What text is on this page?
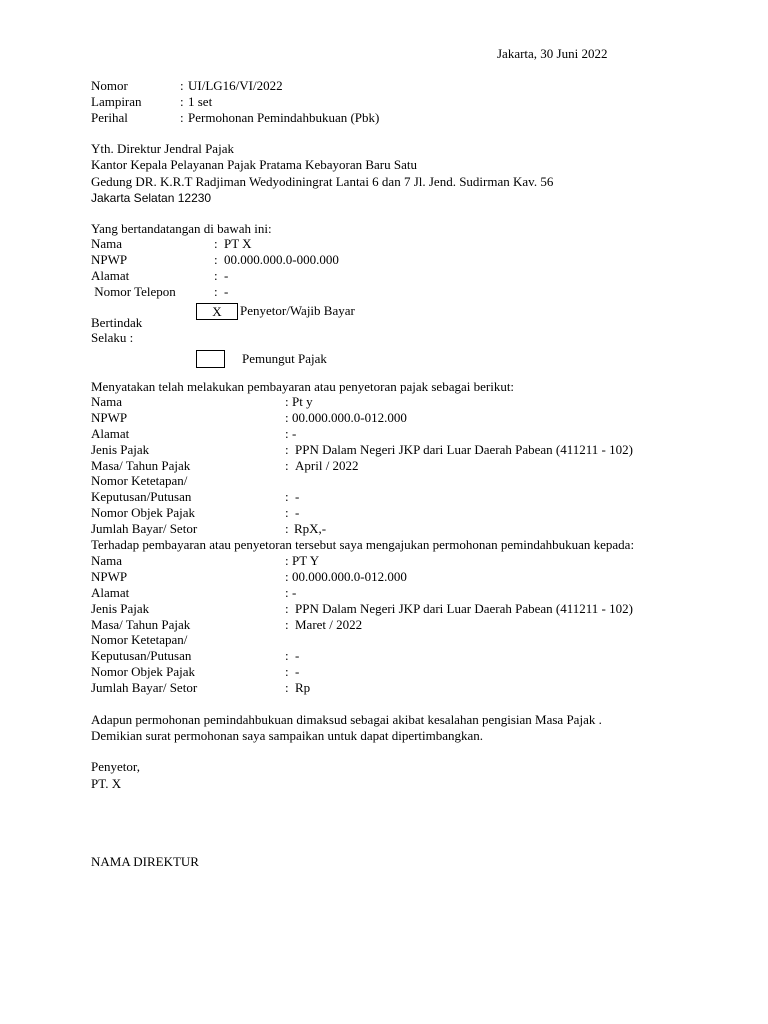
Jakarta, 30 Juni 2022
Nomor	: UI/LG16/VI/2022
Lampiran	: 1 set
Perihal	: Permohonan Pemindahbukuan (Pbk)
Yth. Direktur Jendral Pajak
Kantor Kepala Pelayanan Pajak Pratama Kebayoran Baru Satu
Gedung DR. K.R.T Radjiman Wedyodiningrat Lantai 6 dan 7 Jl. Jend. Sudirman Kav. 56
Jakarta Selatan 12230
Yang bertandatangan di bawah ini:
Nama	: PT X
NPWP	: 00.000.000.0-000.000
Alamat	: -
Nomor Telepon	: -
X	Penyetor/Wajib Bayar
Bertindak
Selaku :
Pemungut Pajak
Menyatakan telah melakukan pembayaran atau penyetoran pajak sebagai berikut:
Nama	: Pt y
NPWP	: 00.000.000.0-012.000
Alamat	: -
Jenis Pajak	: PPN Dalam Negeri JKP dari Luar Daerah Pabean (411211 - 102)
Masa/ Tahun Pajak	: April / 2022
Nomor Ketetapan/
Keputusan/Putusan	: -
Nomor Objek Pajak	: -
Jumlah Bayar/ Setor	: RpX,-
Terhadap pembayaran atau penyetoran tersebut saya mengajukan permohonan pemindahbukuan kepada:
Nama	: PT Y
NPWP	: 00.000.000.0-012.000
Alamat	: -
Jenis Pajak	: PPN Dalam Negeri JKP dari Luar Daerah Pabean (411211 - 102)
Masa/ Tahun Pajak	: Maret / 2022
Nomor Ketetapan/
Keputusan/Putusan	: -
Nomor Objek Pajak	: -
Jumlah Bayar/ Setor	: Rp
Adapun permohonan pemindahbukuan dimaksud sebagai akibat kesalahan pengisian Masa Pajak .
Demikian surat permohonan saya sampaikan untuk dapat dipertimbangkan.
Penyetor,
PT. X
NAMA DIREKTUR
